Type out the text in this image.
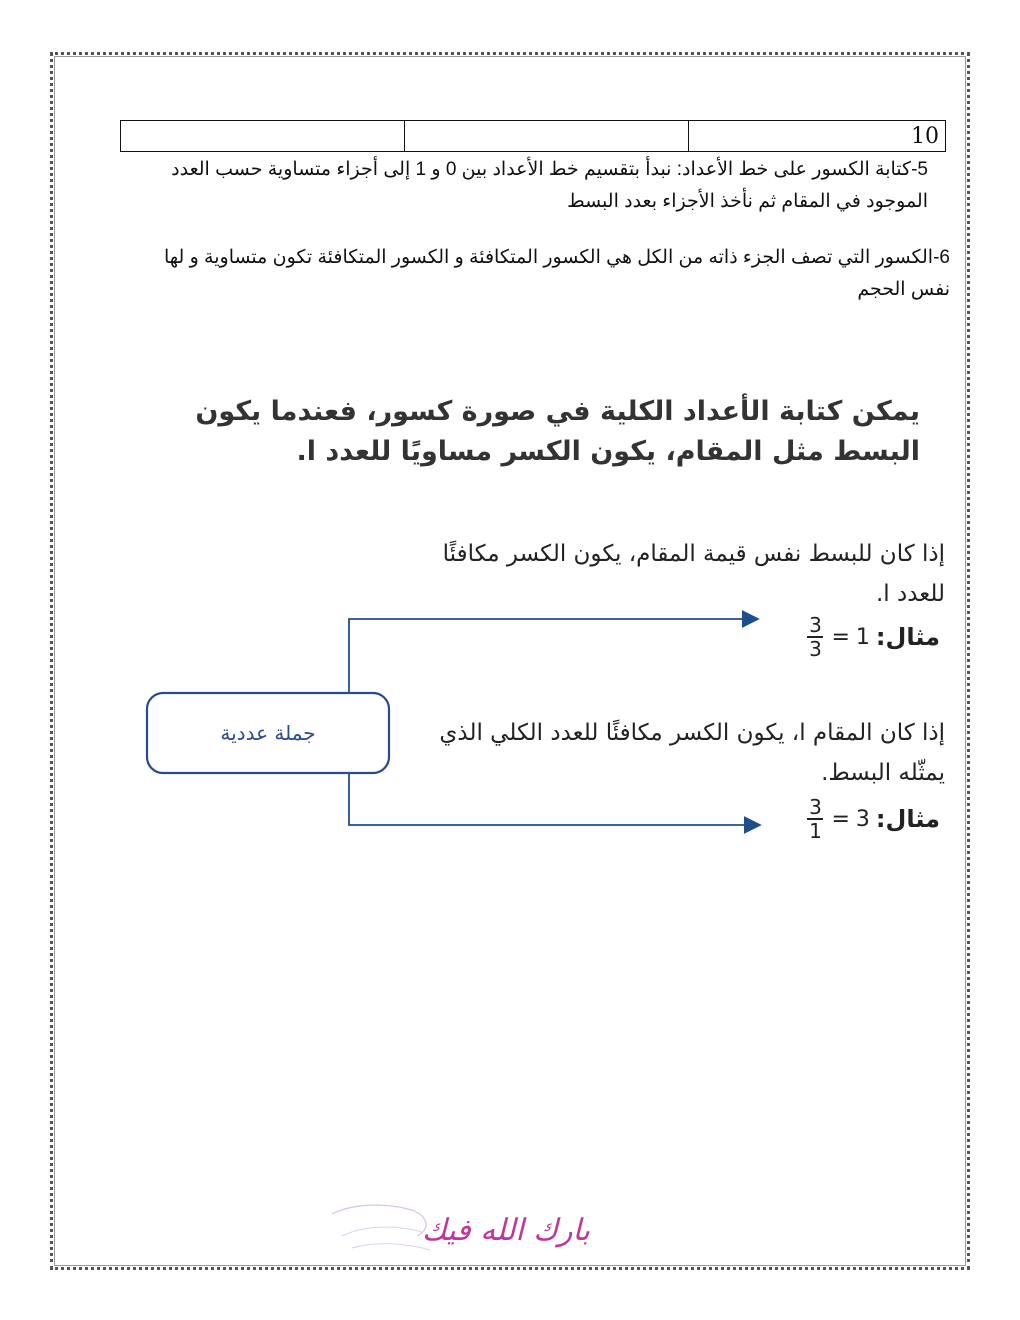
		10
5-كتابة الكسور على خط الأعداد: نبدأ بتقسيم خط الأعداد بين 0 و 1 إلى أجزاء متساوية حسب العدد الموجود في المقام ثم نأخذ الأجزاء بعدد البسط
6-الكسور التي تصف الجزء ذاته من الكل هي الكسور المتكافئة و الكسور المتكافئة تكون متساوية و لها نفس الحجم
يمكن كتابة الأعداد الكلية في صورة كسور، فعندما يكون البسط مثل المقام، يكون الكسر مساويًا للعدد ا.
جملة عددية
إذا كان للبسط نفس قيمة المقام، يكون الكسر مكافئًا للعدد ا.
مثال:
1
=
$\frac{3}{3}$
إذا كان المقام ا، يكون الكسر مكافئًا للعدد الكلي الذي يمثّله البسط.
مثال:
3
=
$\frac{3}{1}$
بارك الله فيك
